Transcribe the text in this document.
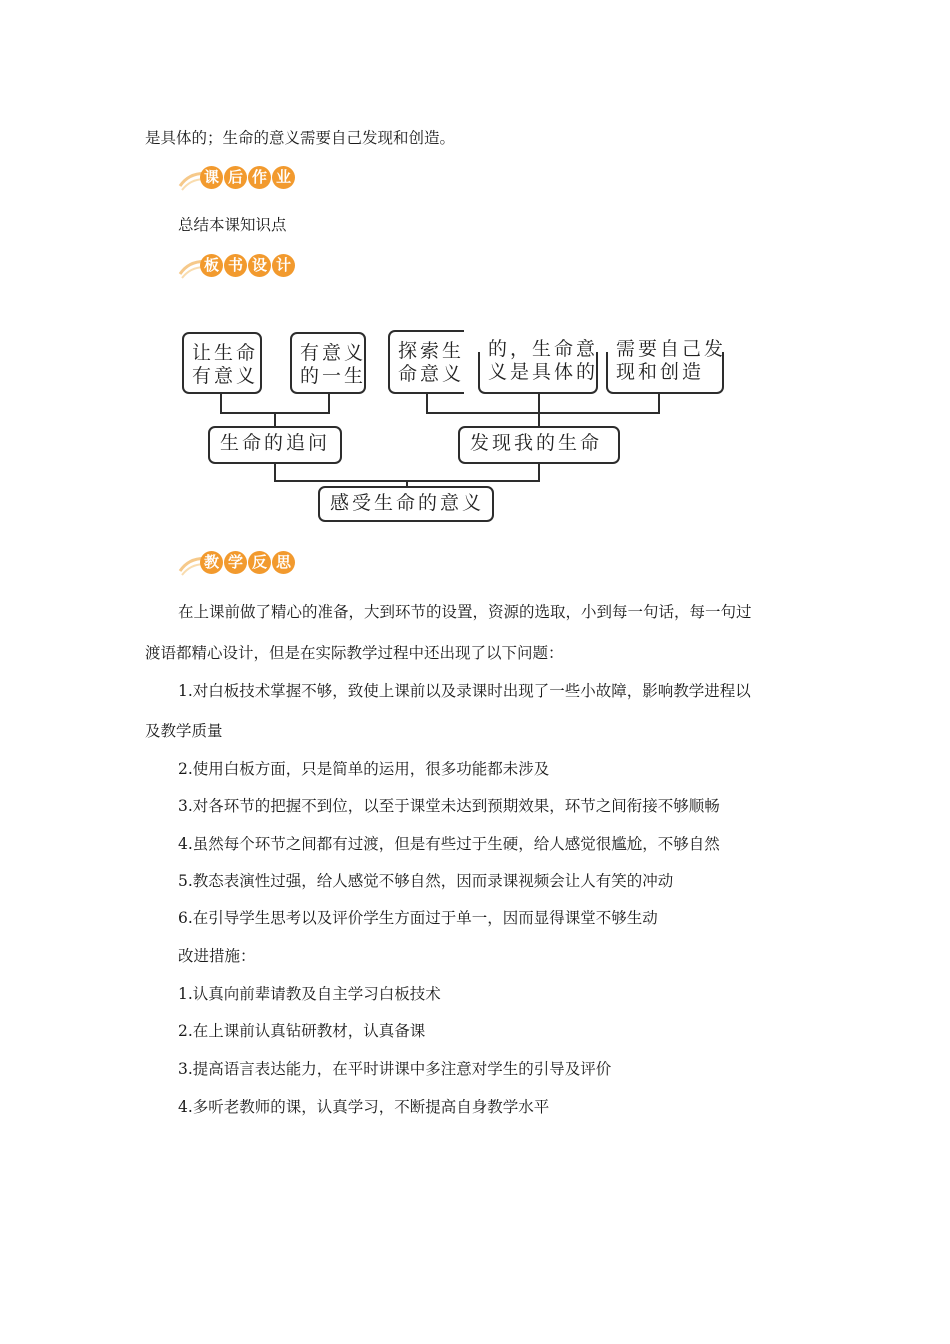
是具体的；生命的意义需要自己发现和创造。
课 后 作 业
总结本课知识点
板 书 设 计
让生命
有意义
有意义
的一生
探索生
命意义
的，生命意
义是具体的
需要自己发
现和创造
生命的追问	发现我的生命
感受生命的意义
教 学 反 思
在上课前做了精心的准备，大到环节的设置，资源的选取，小到每一句话，每一句过
渡语都精心设计，但是在实际教学过程中还出现了以下问题：
1.对白板技术掌握不够，致使上课前以及录课时出现了一些小故障，影响教学进程以
及教学质量
2.使用白板方面，只是简单的运用，很多功能都未涉及
3.对各环节的把握不到位，以至于课堂未达到预期效果，环节之间衔接不够顺畅
4.虽然每个环节之间都有过渡，但是有些过于生硬，给人感觉很尴尬，不够自然
5.教态表演性过强，给人感觉不够自然，因而录课视频会让人有笑的冲动
6.在引导学生思考以及评价学生方面过于单一，因而显得课堂不够生动
改进措施：
1.认真向前辈请教及自主学习白板技术
2.在上课前认真钻研教材，认真备课
3.提高语言表达能力，在平时讲课中多注意对学生的引导及评价
4.多听老教师的课，认真学习，不断提高自身教学水平
